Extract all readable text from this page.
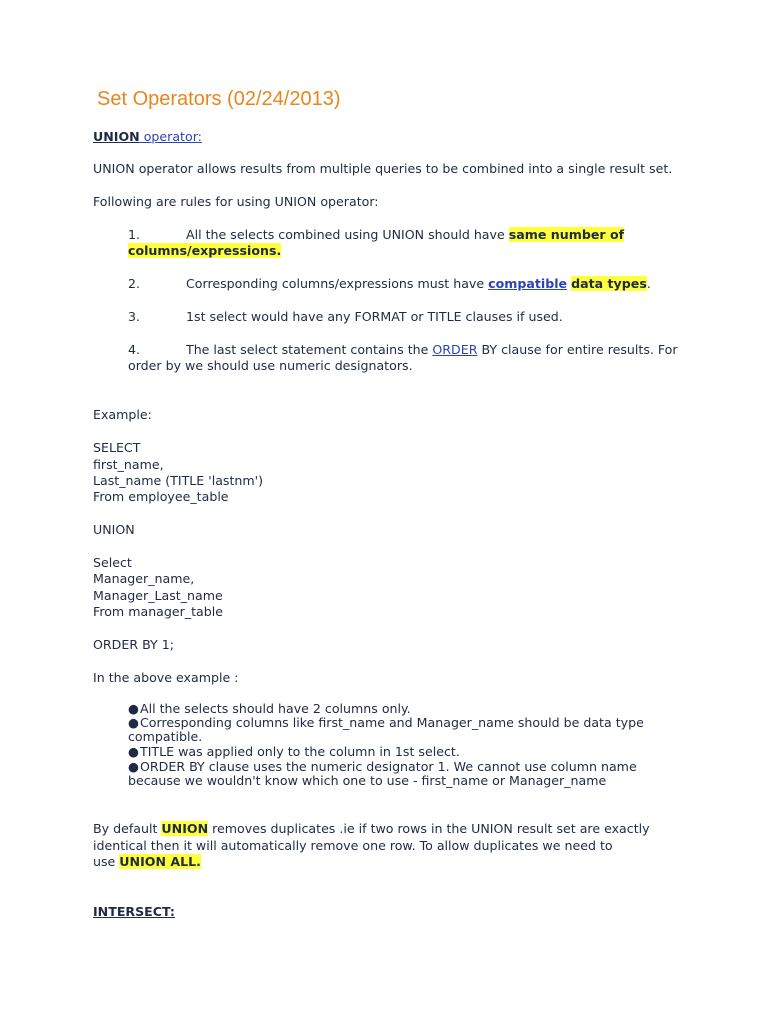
Set Operators (02/24/2013)
UNION operator:
UNION operator allows results from multiple queries to be combined into a single result set.
Following are rules for using UNION operator:
1.	All the selects combined using UNION should have same number of
columns/expressions.
2.	Corresponding columns/expressions must have compatible data types.
3.	1st select would have any FORMAT or TITLE clauses if used.
4.	The last select statement contains the ORDER BY clause for entire results. For
order by we should use numeric designators.
Example:
SELECT
first_name,
Last_name (TITLE 'lastnm')
From employee_table
UNION
Select
Manager_name,
Manager_Last_name
From manager_table
ORDER BY 1;
In the above example :
●All the selects should have 2 columns only.
●Corresponding columns like first_name and Manager_name should be data type
compatible.
●TITLE was applied only to the column in 1st select.
●ORDER BY clause uses the numeric designator 1. We cannot use column name
because we wouldn't know which one to use - first_name or Manager_name
By default UNION removes duplicates .ie if two rows in the UNION result set are exactly
identical then it will automatically remove one row. To allow duplicates we need to
use UNION ALL.
INTERSECT:
